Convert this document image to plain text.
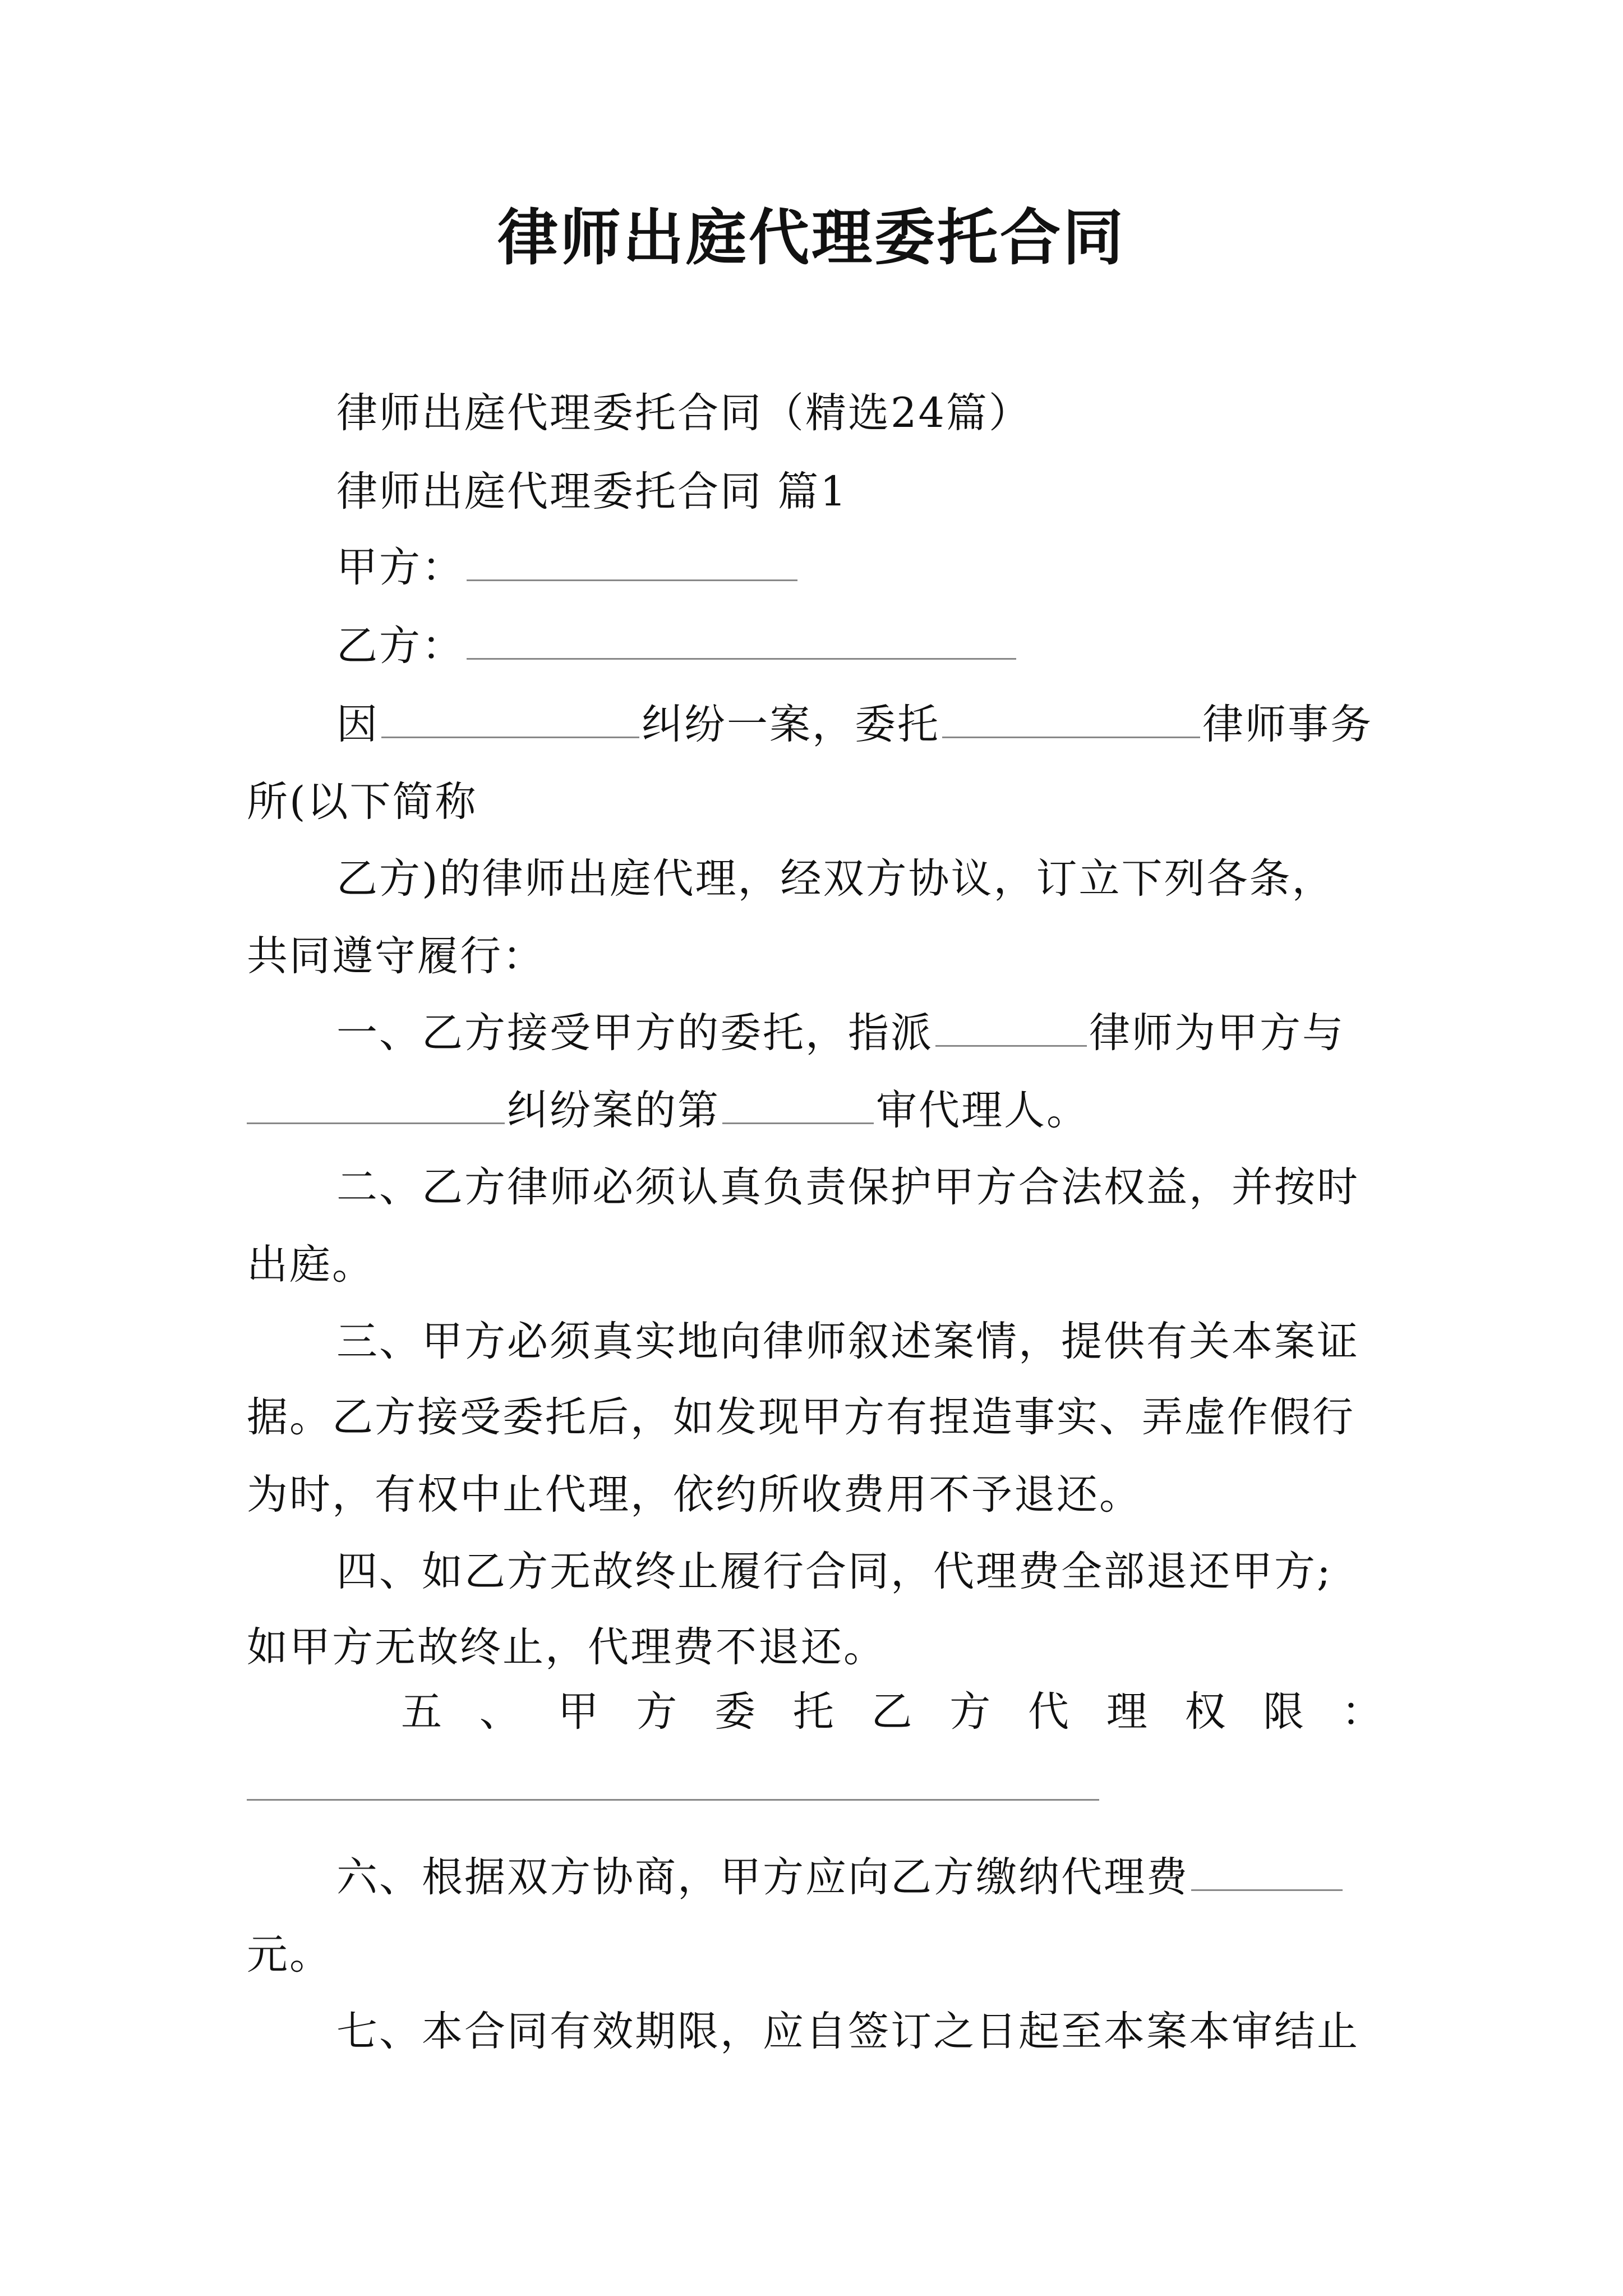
律师出庭代理委托合同
律师出庭代理委托合同（精选24篇）
律师出庭代理委托合同 篇1
甲方：
乙方：
因	纠纷一案，委托	律师事务
所(以下简称
乙方)的律师出庭代理，经双方协议，订立下列各条，
共同遵守履行：
一、乙方接受甲方的委托，指派	律师为甲方与
纠纷案的第	审代理人。
二、乙方律师必须认真负责保护甲方合法权益，并按时
出庭。
三、甲方必须真实地向律师叙述案情，提供有关本案证
据。乙方接受委托后，如发现甲方有捏造事实、弄虚作假行
为时，有权中止代理，依约所收费用不予退还。
四、如乙方无故终止履行合同，代理费全部退还甲方;
如甲方无故终止，代理费不退还。
五 、 甲 方 委 托 乙 方 代 理 权 限 ：
六、根据双方协商，甲方应向乙方缴纳代理费
元。
七、本合同有效期限，应自签订之日起至本案本审结止
